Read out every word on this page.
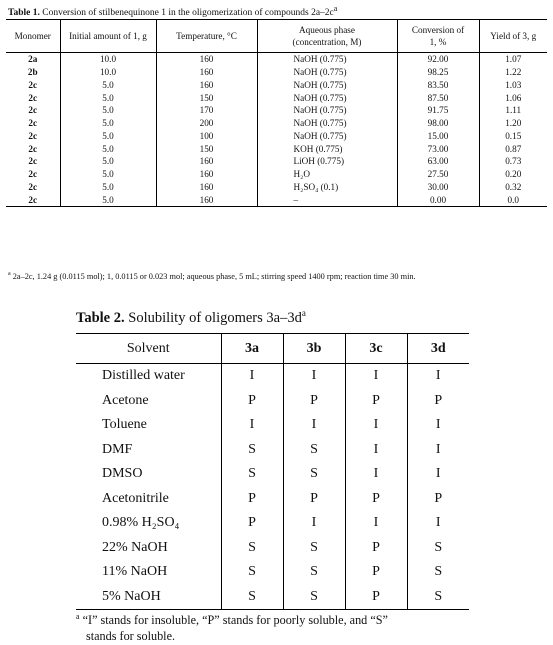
Table 1. Conversion of stilbenequinone 1 in the oligomerization of compounds $2a-2c^a$
Monomer	Initial amount of 1, g	Temperature, °C	Aqueous phase (concentration, M)	Conversion of 1, %	Yield of 3, g
2a	10.0	160	NaOH (0.775)	92.00	1.07
2b	10.0	160	NaOH (0.775)	98.25	1.22
2c	5.0	160	NaOH (0.775)	83.50	1.03
2c	5.0	150	NaOH (0.775)	87.50	1.06
2c	5.0	170	NaOH (0.775)	91.75	1.11
2c	5.0	200	NaOH (0.775)	98.00	1.20
2c	5.0	100	NaOH (0.775)	15.00	0.15
2c	5.0	150	KOH (0.775)	73.00	0.87
2c	5.0	160	LiOH (0.775)	63.00	0.73
2c	5.0	160	H₂O	27.50	0.20
2c	5.0	160	H₂SO₄ (0.1)	30.00	0.32
2c	5.0	160	–	0.00	0.0
$^a$ 2a–2c, 1.24 g (0.0115 mol); 1, 0.0115 or 0.023 mol; aqueous phase, 5 mL; stirring speed 1400 rpm; reaction time 30 min.
Table 2. Solubility of oligomers $3a-3d^a$
Solvent	3a	3b	3c	3d
Distilled water	I	I	I	I
Acetone	P	P	P	P
Toluene	I	I	I	I
DMF	S	S	I	I
DMSO	S	S	I	I
Acetonitrile	P	P	P	P
0.98% H₂SO₄	P	I	I	I
22% NaOH	S	S	P	S
11% NaOH	S	S	P	S
5% NaOH	S	S	P	S
$^a$ “I” stands for insoluble, “P” stands for poorly soluble, and “S”
stands for soluble.
